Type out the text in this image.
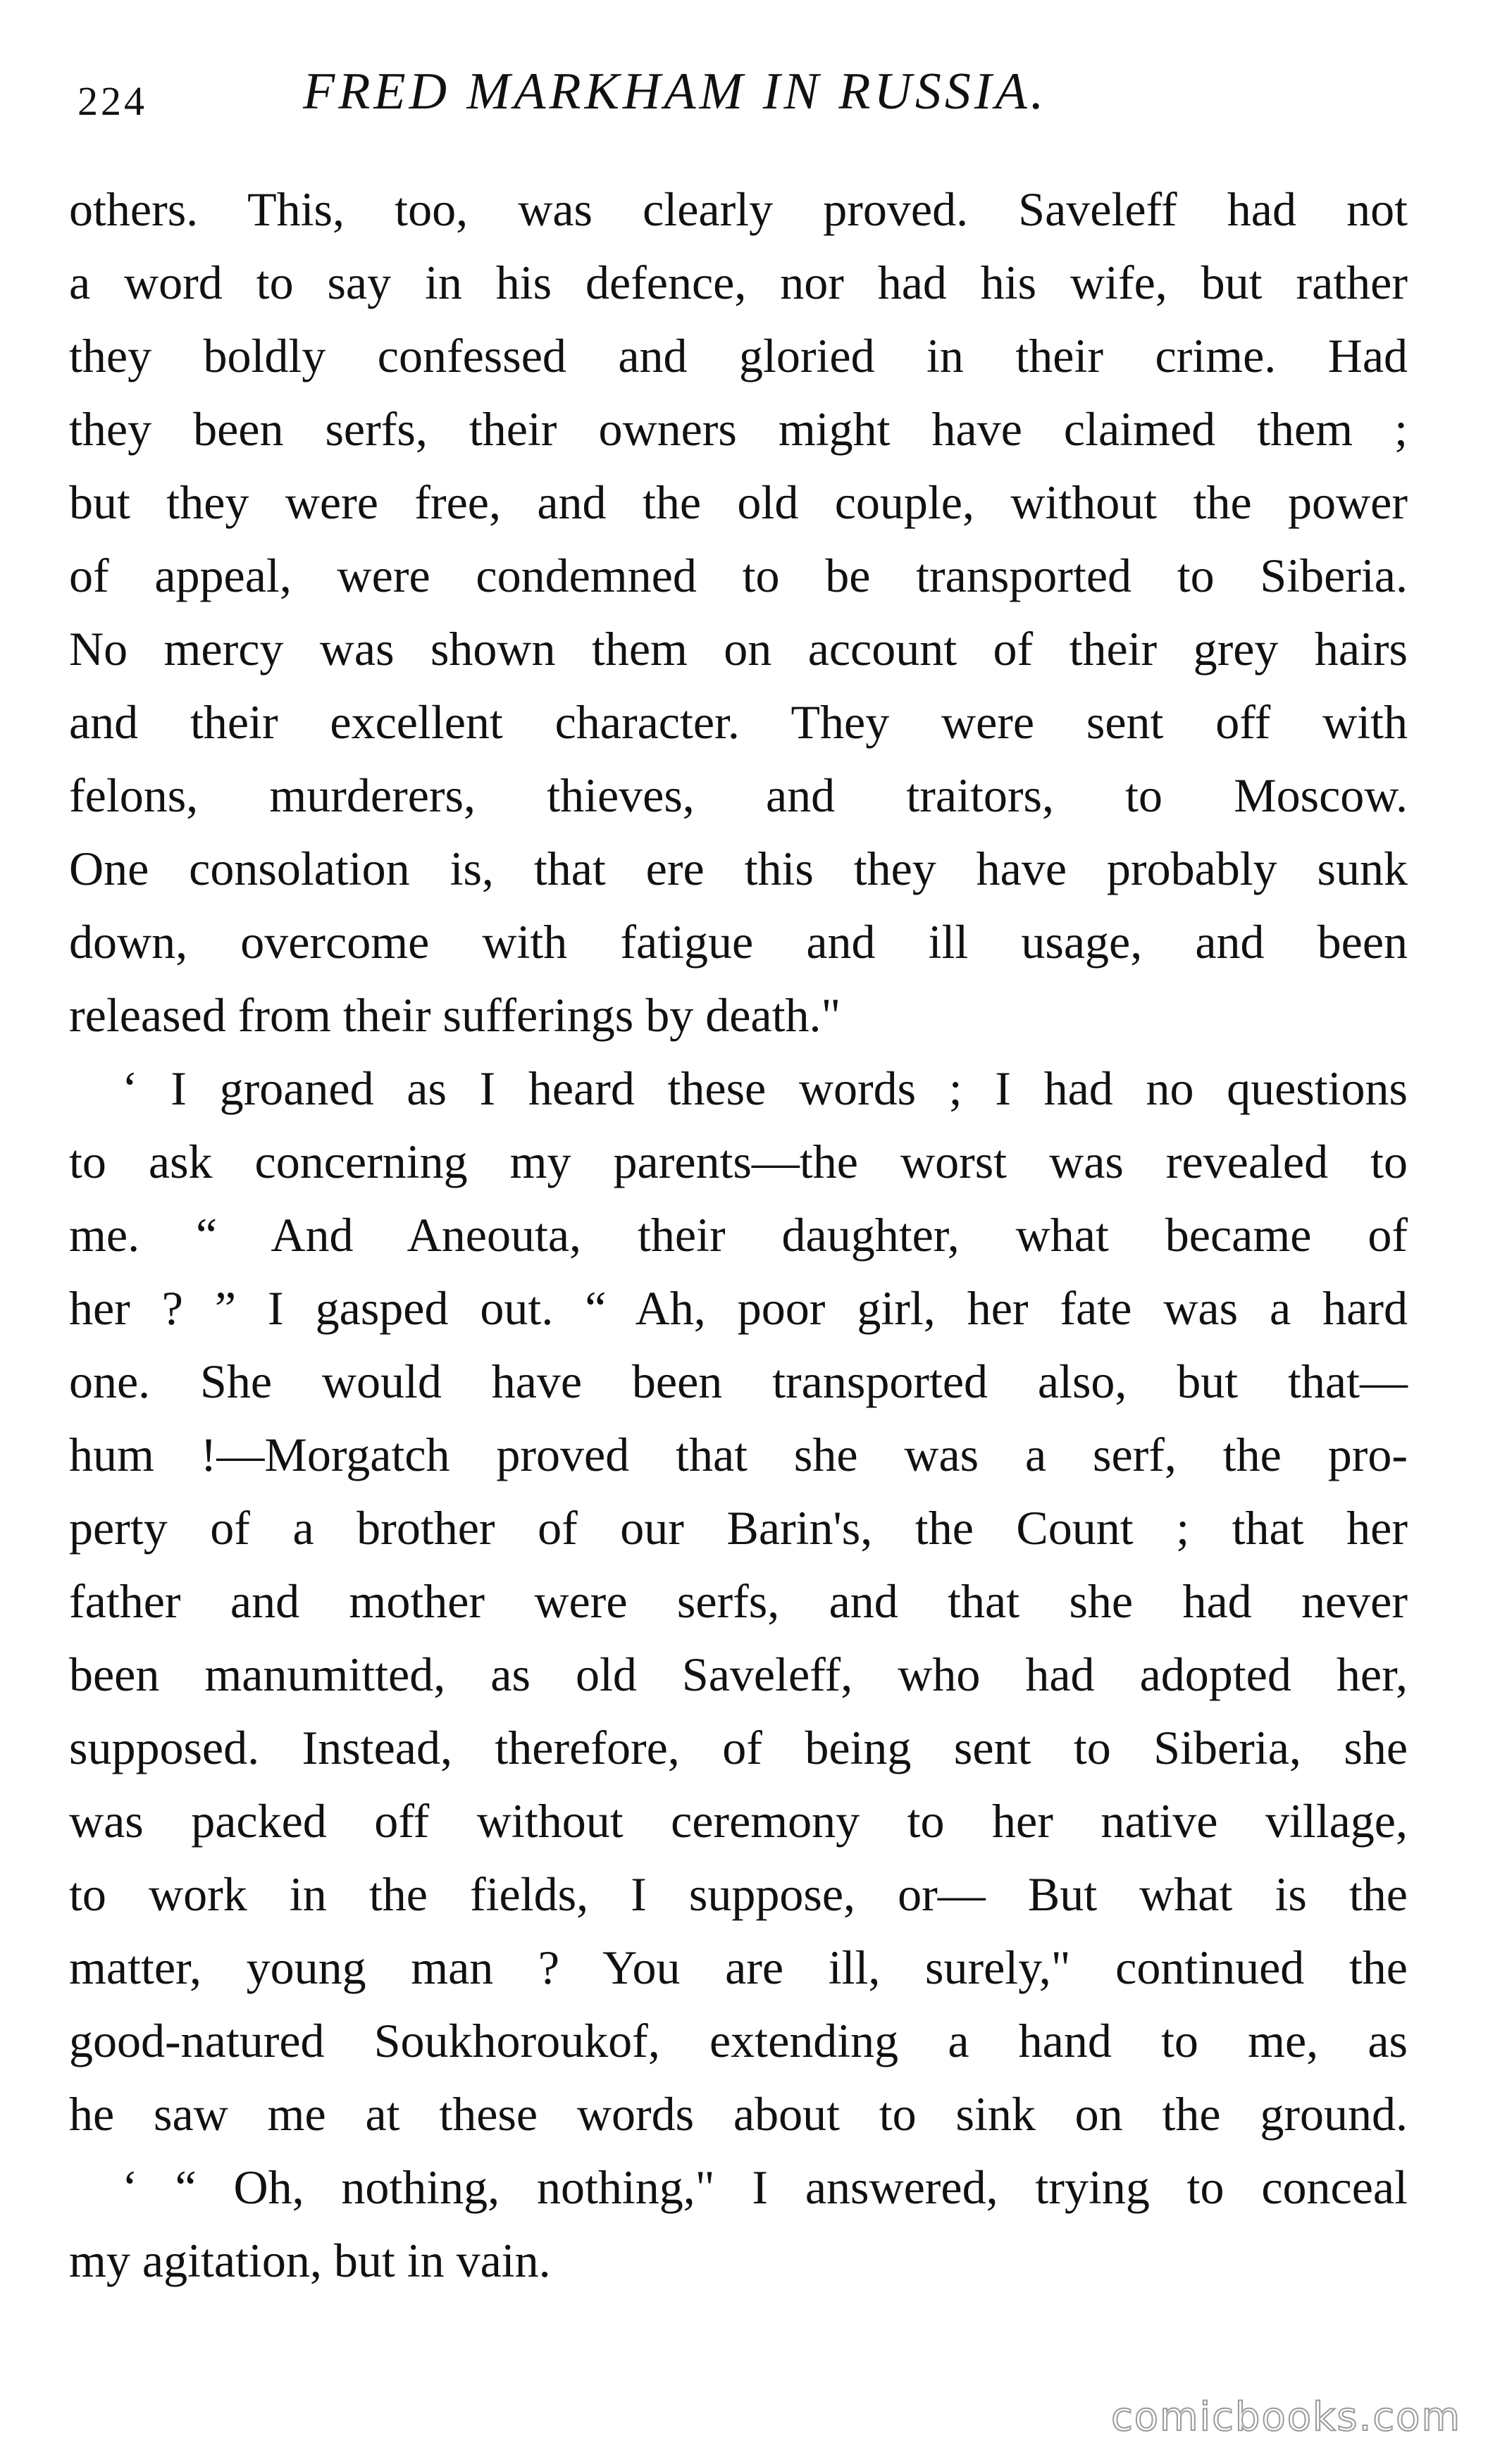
224	FRED MARKHAM IN RUSSIA.
others. This, too, was clearly proved. Saveleff had not
a word to say in his defence, nor had his wife, but rather
they boldly confessed and gloried in their crime. Had
they been serfs, their owners might have claimed them ;
but they were free, and the old couple, without the power
of appeal, were condemned to be transported to Siberia.
No mercy was shown them on account of their grey hairs
and their excellent character. They were sent off with
felons, murderers, thieves, and traitors, to Moscow.
One consolation is, that ere this they have probably sunk
down, overcome with fatigue and ill usage, and been
released from their sufferings by death."
‘ I groaned as I heard these words ; I had no questions
to ask concerning my parents—the worst was revealed to
me. “ And Aneouta, their daughter, what became of
her ? ” I gasped out. “ Ah, poor girl, her fate was a hard
one. She would have been transported also, but that—
hum !—Morgatch proved that she was a serf, the pro-
perty of a brother of our Barin's, the Count ; that her
father and mother were serfs, and that she had never
been manumitted, as old Saveleff, who had adopted her,
supposed. Instead, therefore, of being sent to Siberia, she
was packed off without ceremony to her native village,
to work in the fields, I suppose, or— But what is the
matter, young man ? You are ill, surely," continued the
good-natured Soukhoroukof, extending a hand to me, as
he saw me at these words about to sink on the ground.
‘ “ Oh, nothing, nothing," I answered, trying to conceal
my agitation, but in vain.
comicbooks.com
